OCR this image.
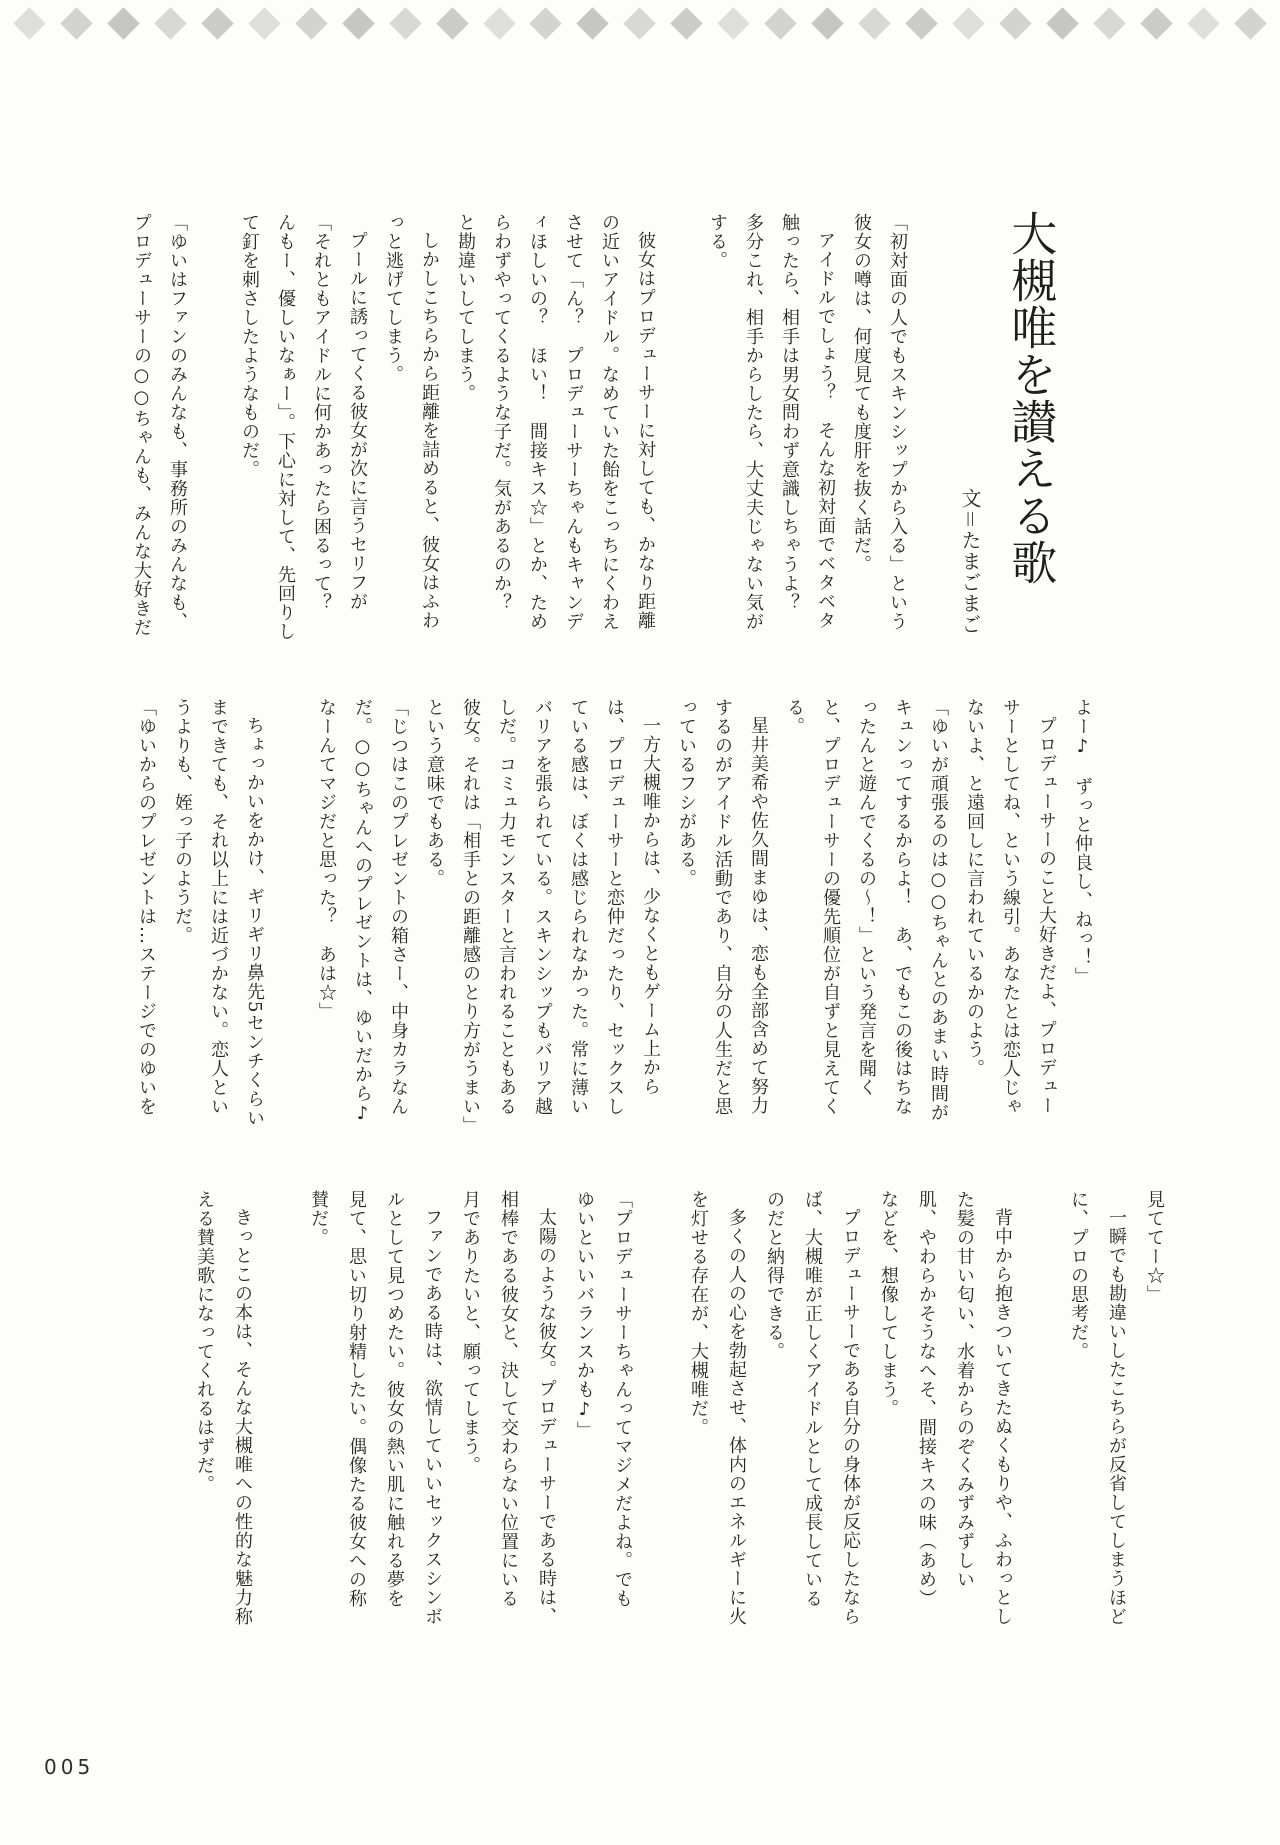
大槻唯を讃える歌
文＝たまごまご

「初対面の人でもスキンシップから入る」という彼女の噂は、何度見ても度肝を抜く話だ。

アイドルでしょう？　そんな初対面でベタベタ触ったら、相手は男女問わず意識しちゃうよ？　多分これ、相手からしたら、大丈夫じゃない気がする。

彼女はプロデューサーに対しても、かなり距離の近いアイドル。なめていた飴をこっちにくわえさせて「ん？　プロデューサーちゃんもキャンディほしいの？　ほい！　間接キス☆」とか、ためらわずやってくるような子だ。気があるのか？　と勘違いしてしまう。

しかしこちらから距離を詰めると、彼女はふわっと逃げてしまう。

プールに誘ってくる彼女が次に言うセリフが「それともアイドルに何かあったら困るって？　んもー、優しいなぁー」。下心に対して、先回りして釘を刺さしたようなものだ。

「ゆいはファンのみんなも、事務所のみんなも、プロデューサーの○○ちゃんも、みんな大好きだ

よー♪　ずっと仲良し、ねっ！」

プロデューサーのこと大好きだよ、プロデューサーとしてね、という線引。あなたとは恋人じゃないよ、と遠回しに言われているかのよう。

「ゆいが頑張るのは○○ちゃんとのあまい時間がキュンってするからよ！　あ、でもこの後はちなったんと遊んでくるの～！」という発言を聞くと、プロデューサーの優先順位が自ずと見えてくる。

星井美希や佐久間まゆは、恋も全部含めて努力するのがアイドル活動であり、自分の人生だと思っているフシがある。

一方大槻唯からは、少なくともゲーム上からは、プロデューサーと恋仲だったり、セックスしている感は、ぼくは感じられなかった。常に薄いバリアを張られている。スキンシップもバリア越しだ。コミュ力モンスターと言われることもある彼女。それは「相手との距離感のとり方がうまい」という意味でもある。

「じつはこのプレゼントの箱さー、中身カラなんだ。○○ちゃんへのプレゼントは、ゆいだから♪　なーんてマジだと思った？　あは☆」

ちょっかいをかけ、ギリギリ鼻先5センチくらいまできても、それ以上には近づかない。恋人というよりも、姪っ子のようだ。

「ゆいからのプレゼントは…ステージでのゆいを

見ててー☆」

一瞬でも勘違いしたこちらが反省してしまうほどに、プロの思考だ。

背中から抱きついてきたぬくもりや、ふわっとした髪の甘い匂い、水着からのぞくみずみずしい肌、やわらかそうなへそ、間接キスの味（あめ）などを、想像してしまう。

プロデューサーである自分の身体が反応したならば、大槻唯が正しくアイドルとして成長しているのだと納得できる。

多くの人の心を勃起させ、体内のエネルギーに火を灯せる存在が、大槻唯だ。

「プロデューサーちゃんってマジメだよね。でもゆいといいバランスかも♪」

太陽のような彼女。プロデューサーである時は、相棒である彼女と、決して交わらない位置にいる月でありたいと、願ってしまう。

ファンである時は、欲情していいセックスシンボルとして見つめたい。彼女の熱い肌に触れる夢を見て、思い切り射精したい。偶像たる彼女への称賛だ。

きっとこの本は、そんな大槻唯への性的な魅力称える賛美歌になってくれるはずだ。

005
